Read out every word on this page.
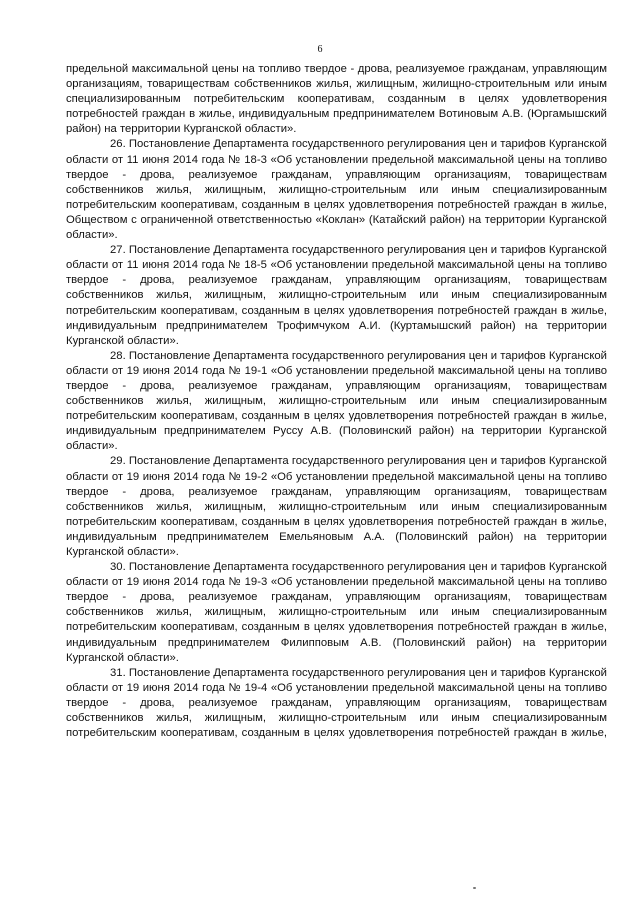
6

предельной максимальной цены на топливо твердое - дрова, реализуемое гражданам, управляющим организациям, товариществам собственников жилья, жилищным, жилищно-строительным или иным специализированным потребительским кооперативам, созданным в целях удовлетворения потребностей граждан в жилье, индивидуальным предпринимателем Вотиновым А.В. (Юргамышский район) на территории Курганской области».

26. Постановление Департамента государственного регулирования цен и тарифов Курганской области от 11 июня 2014 года № 18-3 «Об установлении предельной максимальной цены на топливо твердое - дрова, реализуемое гражданам, управляющим организациям, товариществам собственников жилья, жилищным, жилищно-строительным или иным специализированным потребительским кооперативам, созданным в целях удовлетворения потребностей граждан в жилье, Обществом с ограниченной ответственностью «Коклан» (Катайский район) на территории Курганской области».

27. Постановление Департамента государственного регулирования цен и тарифов Курганской области от 11 июня 2014 года № 18-5 «Об установлении предельной максимальной цены на топливо твердое - дрова, реализуемое гражданам, управляющим организациям, товариществам собственников жилья, жилищным, жилищно-строительным или иным специализированным потребительским кооперативам, созданным в целях удовлетворения потребностей граждан в жилье, индивидуальным предпринимателем Трофимчуком А.И. (Куртамышский район) на территории Курганской области».

28. Постановление Департамента государственного регулирования цен и тарифов Курганской области от 19 июня 2014 года № 19-1 «Об установлении предельной максимальной цены на топливо твердое - дрова, реализуемое гражданам, управляющим организациям, товариществам собственников жилья, жилищным, жилищно-строительным или иным специализированным потребительским кооперативам, созданным в целях удовлетворения потребностей граждан в жилье, индивидуальным предпринимателем Руссу А.В. (Половинский район) на территории Курганской области».

29. Постановление Департамента государственного регулирования цен и тарифов Курганской области от 19 июня 2014 года № 19-2 «Об установлении предельной максимальной цены на топливо твердое - дрова, реализуемое гражданам, управляющим организациям, товариществам собственников жилья, жилищным, жилищно-строительным или иным специализированным потребительским кооперативам, созданным в целях удовлетворения потребностей граждан в жилье, индивидуальным предпринимателем Емельяновым А.А. (Половинский район) на территории Курганской области».

30. Постановление Департамента государственного регулирования цен и тарифов Курганской области от 19 июня 2014 года № 19-3 «Об установлении предельной максимальной цены на топливо твердое - дрова, реализуемое гражданам, управляющим организациям, товариществам собственников жилья, жилищным, жилищно-строительным или иным специализированным потребительским кооперативам, созданным в целях удовлетворения потребностей граждан в жилье, индивидуальным предпринимателем Филипповым А.В. (Половинский район) на территории Курганской области».

31. Постановление Департамента государственного регулирования цен и тарифов Курганской области от 19 июня 2014 года № 19-4 «Об установлении предельной максимальной цены на топливо твердое - дрова, реализуемое гражданам, управляющим организациям, товариществам собственников жилья, жилищным, жилищно-строительным или иным специализированным потребительским кооперативам, созданным в целях удовлетворения потребностей граждан в жилье,
